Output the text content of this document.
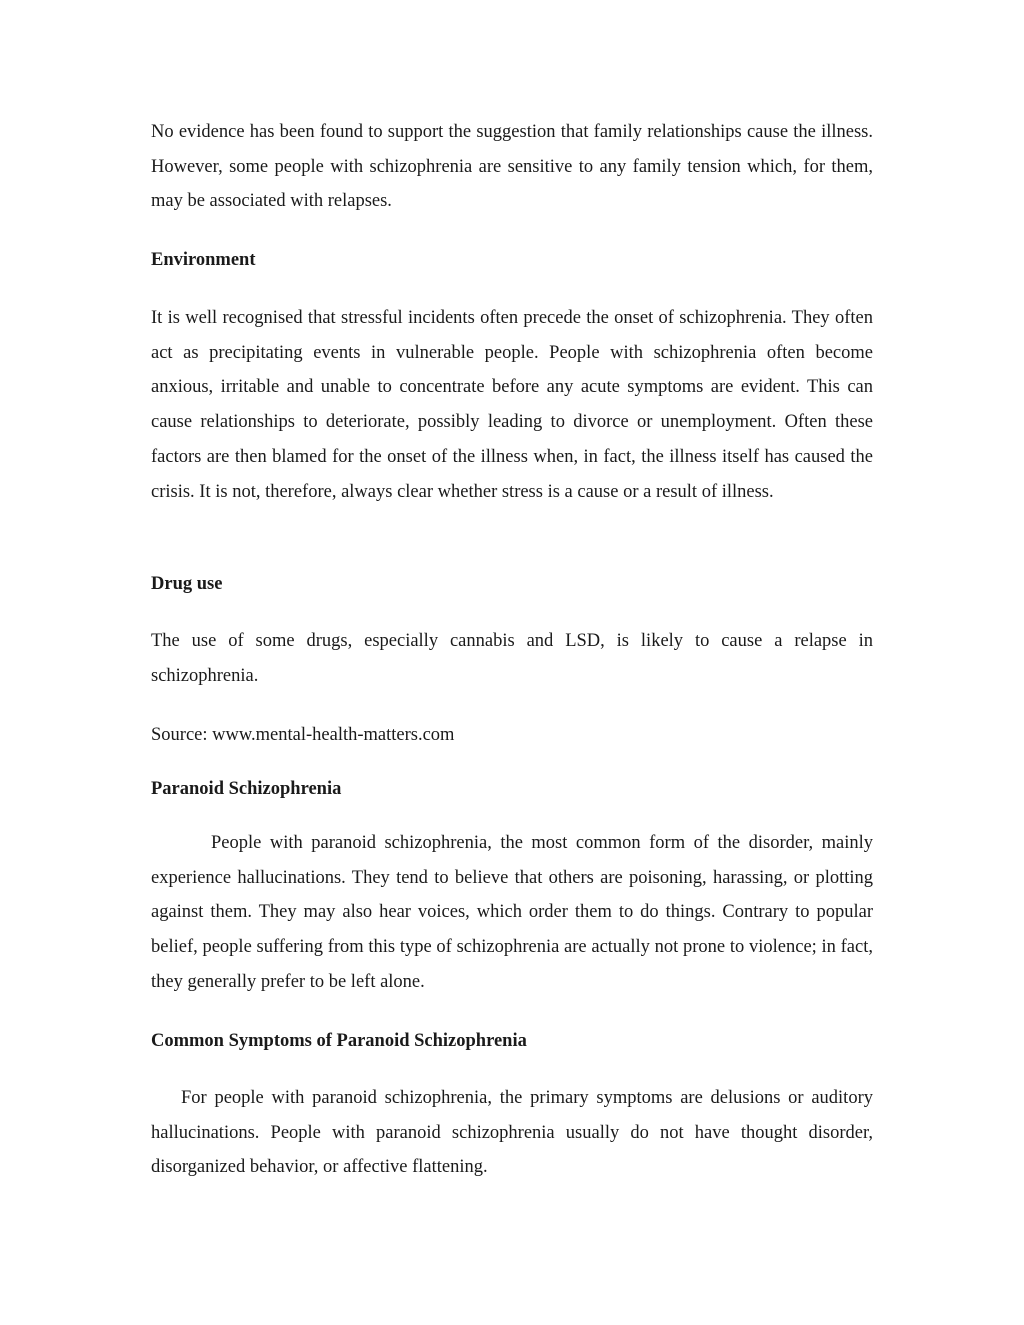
No evidence has been found to support the suggestion that family relationships cause the illness. However, some people with schizophrenia are sensitive to any family tension which, for them, may be associated with relapses.

Environment

It is well recognised that stressful incidents often precede the onset of schizophrenia. They often act as precipitating events in vulnerable people. People with schizophrenia often become anxious, irritable and unable to concentrate before any acute symptoms are evident. This can cause relationships to deteriorate, possibly leading to divorce or unemployment. Often these factors are then blamed for the onset of the illness when, in fact, the illness itself has caused the crisis. It is not, therefore, always clear whether stress is a cause or a result of illness.

Drug use

The use of some drugs, especially cannabis and LSD, is likely to cause a relapse in schizophrenia.

Source: www.mental-health-matters.com

Paranoid Schizophrenia

People with paranoid schizophrenia, the most common form of the disorder, mainly experience hallucinations. They tend to believe that others are poisoning, harassing, or plotting against them. They may also hear voices, which order them to do things. Contrary to popular belief, people suffering from this type of schizophrenia are actually not prone to violence; in fact, they generally prefer to be left alone.

Common Symptoms of Paranoid Schizophrenia

For people with paranoid schizophrenia, the primary symptoms are delusions or auditory hallucinations. People with paranoid schizophrenia usually do not have thought disorder, disorganized behavior, or affective flattening.
